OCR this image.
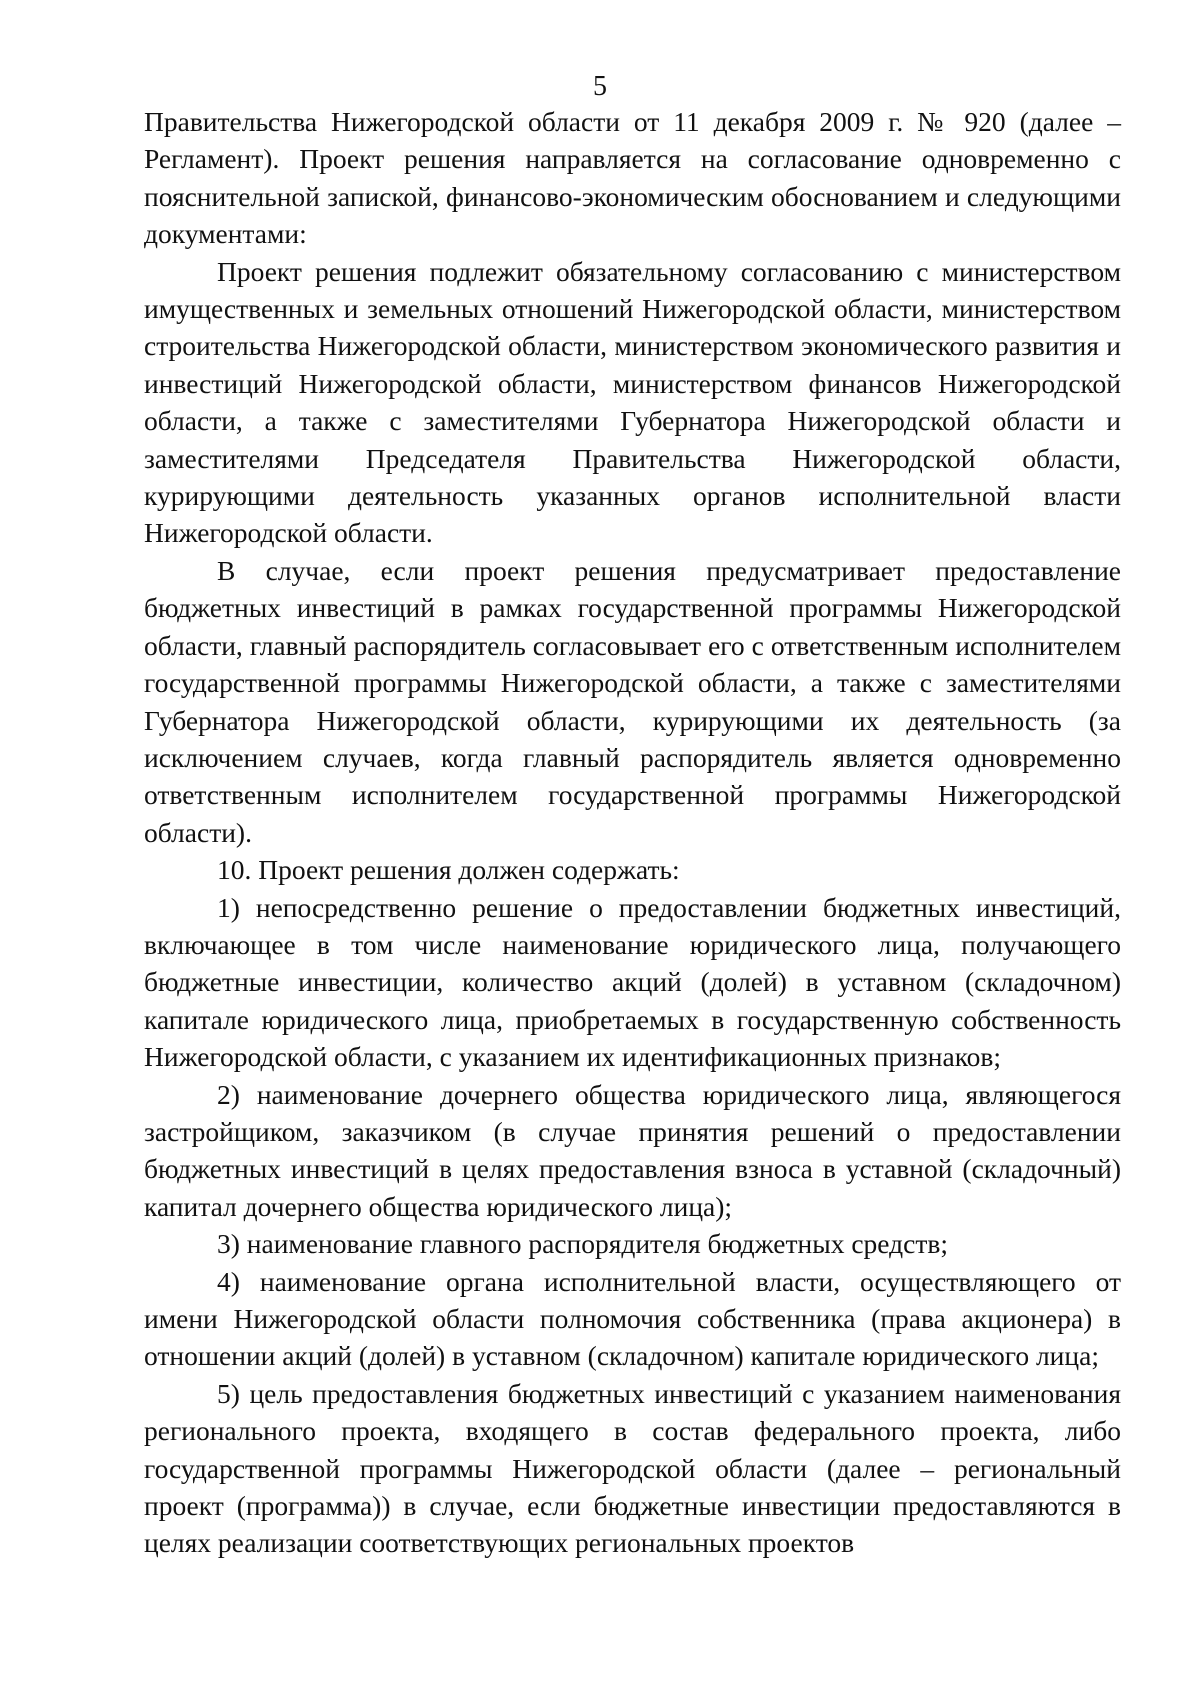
5

Правительства Нижегородской области от 11 декабря 2009 г. № 920 (далее – Регламент). Проект решения направляется на согласование одновременно с пояснительной запиской, финансово-экономическим обоснованием и следующими документами:

Проект решения подлежит обязательному согласованию с министерством имущественных и земельных отношений Нижегородской области, министерством строительства Нижегородской области, министерством экономического развития и инвестиций Нижегородской области, министерством финансов Нижегородской области, а также с заместителями Губернатора Нижегородской области и заместителями Председателя Правительства Нижегородской области, курирующими деятельность указанных органов исполнительной власти Нижегородской области.

В случае, если проект решения предусматривает предоставление бюджетных инвестиций в рамках государственной программы Нижегородской области, главный распорядитель согласовывает его с ответственным исполнителем государственной программы Нижегородской области, а также с заместителями Губернатора Нижегородской области, курирующими их деятельность (за исключением случаев, когда главный распорядитель является одновременно ответственным исполнителем государственной программы Нижегородской области).

10. Проект решения должен содержать:

1) непосредственно решение о предоставлении бюджетных инвестиций, включающее в том числе наименование юридического лица, получающего бюджетные инвестиции, количество акций (долей) в уставном (складочном) капитале юридического лица, приобретаемых в государственную собственность Нижегородской области, с указанием их идентификационных признаков;

2) наименование дочернего общества юридического лица, являющегося застройщиком, заказчиком (в случае принятия решений о предоставлении бюджетных инвестиций в целях предоставления взноса в уставной (складочный) капитал дочернего общества юридического лица);

3) наименование главного распорядителя бюджетных средств;

4) наименование органа исполнительной власти, осуществляющего от имени Нижегородской области полномочия собственника (права акционера) в отношении акций (долей) в уставном (складочном) капитале юридического лица;

5) цель предоставления бюджетных инвестиций с указанием наименования регионального проекта, входящего в состав федерального проекта, либо государственной программы Нижегородской области (далее – региональный проект (программа)) в случае, если бюджетные инвестиции предоставляются в целях реализации соответствующих региональных проектов
